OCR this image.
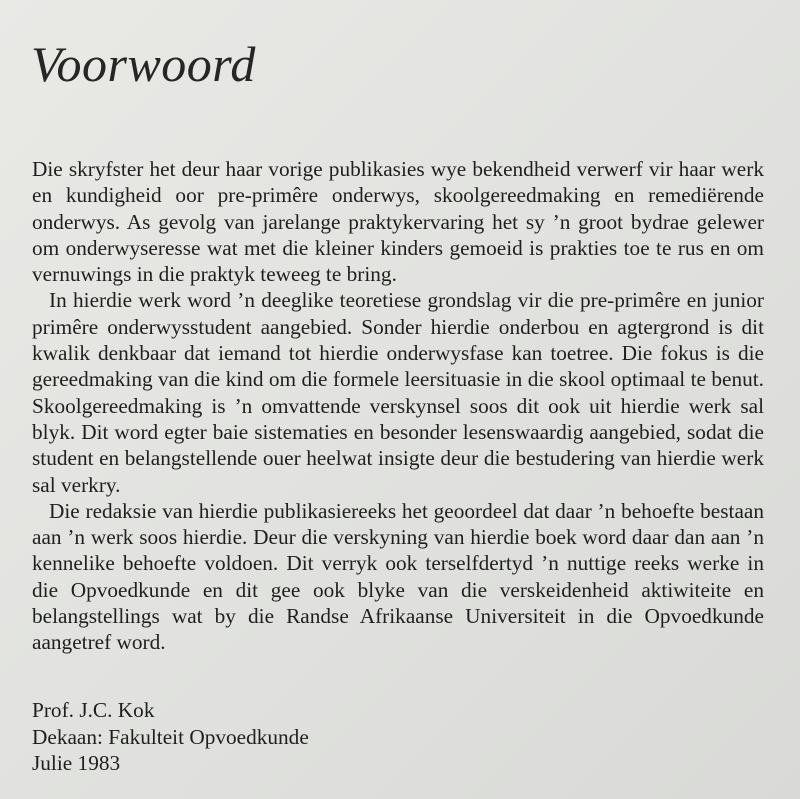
Voorwoord

Die skryfster het deur haar vorige publikasies wye bekendheid verwerf vir haar werk en kundigheid oor pre-primêre onderwys, skoolgereedmaking en remediërende onderwys. As gevolg van jarelange praktykervaring het sy ’n groot bydrae gelewer om onderwyseresse wat met die kleiner kinders gemoeid is prakties toe te rus en om vernuwings in die praktyk teweeg te bring.

In hierdie werk word ’n deeglike teoretiese grondslag vir die pre-primêre en junior primêre onderwysstudent aangebied. Sonder hierdie onderbou en agtergrond is dit kwalik denkbaar dat iemand tot hierdie onderwysfase kan toetree. Die fokus is die gereedmaking van die kind om die formele leersituasie in die skool optimaal te benut. Skoolgereedmaking is ’n omvattende verskynsel soos dit ook uit hierdie werk sal blyk. Dit word egter baie sistematies en besonder lesenswaardig aangebied, sodat die student en belangstellende ouer heelwat insigte deur die bestudering van hierdie werk sal verkry.

Die redaksie van hierdie publikasiereeks het geoordeel dat daar ’n behoefte bestaan aan ’n werk soos hierdie. Deur die verskyning van hierdie boek word daar dan aan ’n kennelike behoefte voldoen. Dit verryk ook terselfdertyd ’n nuttige reeks werke in die Opvoedkunde en dit gee ook blyke van die verskeidenheid aktiwiteite en belangstellings wat by die Randse Afrikaanse Universiteit in die Opvoedkunde aangetref word.

Prof. J.C. Kok
Dekaan: Fakulteit Opvoedkunde
Julie 1983
